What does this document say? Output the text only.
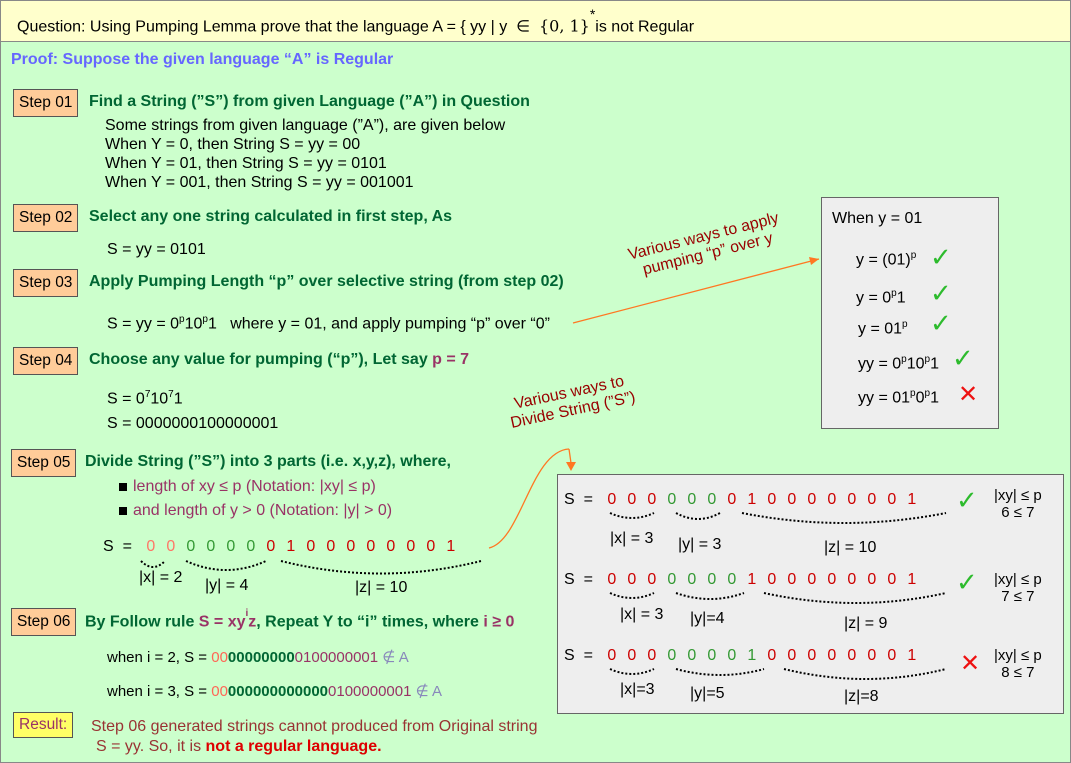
Question: Using Pumping Lemma prove that the language A = { yy | y  ∈  {0, 1}*is not Regular
Proof: Suppose the given language “A” is Regular
Step 01	Find a String (”S”) from given Language (”A”) in Question
Some strings from given language (”A”), are given below
When Y = 0, then String S = yy = 00
When Y = 01, then String S = yy = 0101
When Y = 001, then String S = yy = 001001
Step 02	Select any one string calculated in first step, As
S = yy = 0101
Step 03	Apply Pumping Length “p” over selective string (from step 02)
S = yy = $0^p10^p1$   where y = 01, and apply pumping “p” over “0”
Step 04	Choose any value for pumping (“p”), Let say p = 7
$S = 0^710^71$
S = 0000000100000001
Step 05 Divide String (”S”) into 3 parts (i.e. x,y,z), where,
length of xy ≤ p (Notation: |xy| ≤ p)
and length of y > 0 (Notation: |y| > 0)
S  =  0 0 0 0 0 0 0 1 0 0 0 0 0 0 0 1
|x| = 2 |y| = 4	|z| = 10
Step 06 By Follow rule $S = xy^iz$, Repeat Y to “i” times, where i ≥ 0
when i = 2, S = 00000000000100000001 ∉ A
when i = 3, S = 000000000000000100000001 ∉ A
Result:	Step 06 generated strings cannot produced from Original string
S = yy. So, it is not a regular language.
Various ways to apply pumping “p” over y
Various ways to Divide String (”S”)
When y = 01
$y = (01)^p$ ✓
$y = 0^p1$ ✓
$y = 01^p$ ✓
yy = $0^p10^p1$ ✓
yy = $01^p0^p1$ ✕
S  =  0 0 0 0 0 0 0 1 0 0 0 0 0 0 0 1
|x| = 3 |y| = 3	|z| = 10
✓ |xy| ≤ p
6 ≤ 7
S  =  0 0 0 0 0 0 0 1 0 0 0 0 0 0 0 1
|x| = 3 |y|=4	|z| = 9
✓ |xy| ≤ p
7 ≤ 7
S  =  0 0 0 0 0 0 0 1 0 0 0 0 0 0 0 1
|x|=3 |y|=5	|z|=8
✕ |xy| ≤ p
8 ≤ 7
